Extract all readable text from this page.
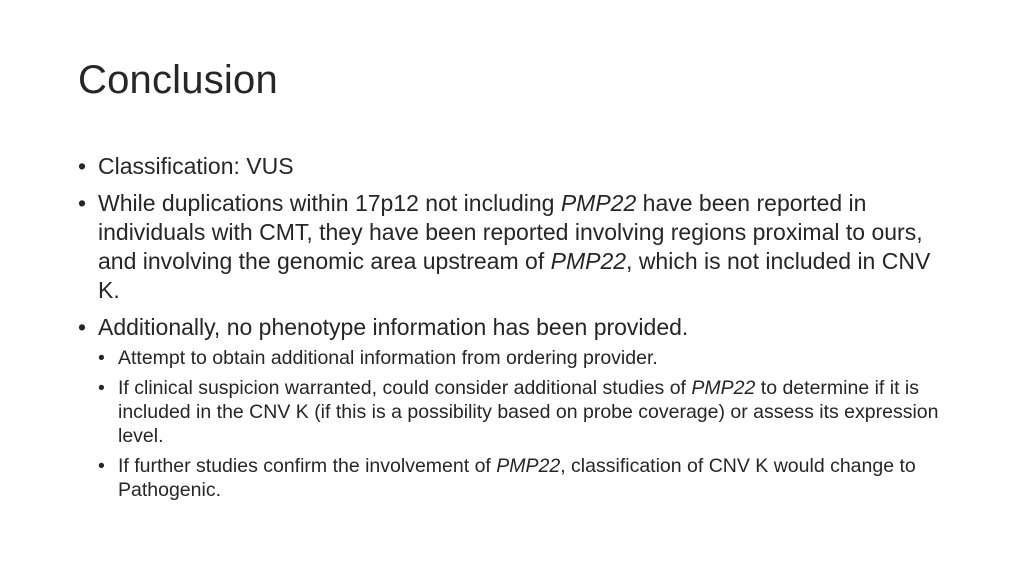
Conclusion
• Classification: VUS
• While duplications within 17p12 not including PMP22 have been reported in individuals with CMT, they have been reported involving regions proximal to ours, and involving the genomic area upstream of PMP22, which is not included in CNV K.
• Additionally, no phenotype information has been provided.
• Attempt to obtain additional information from ordering provider.
• If clinical suspicion warranted, could consider additional studies of PMP22 to determine if it is included in the CNV K (if this is a possibility based on probe coverage) or assess its expression level.
• If further studies confirm the involvement of PMP22, classification of CNV K would change to Pathogenic.
